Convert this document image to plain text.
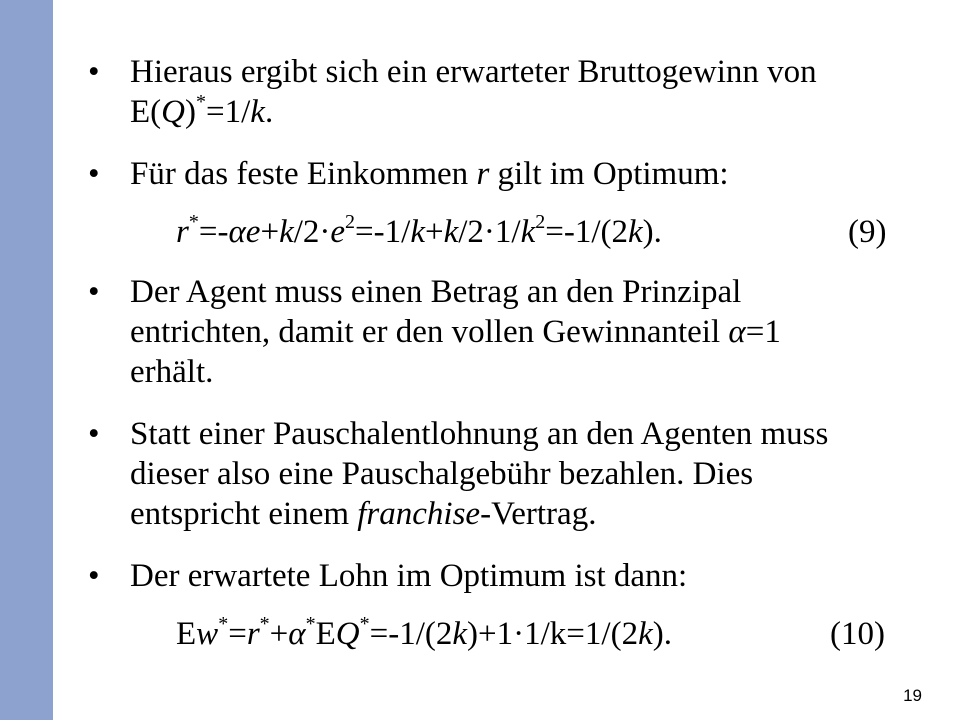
• Hieraus ergibt sich ein erwarteter Bruttogewinn von
E(Q)*=1/k.
• Für das feste Einkommen r gilt im Optimum:
$r^*=-\alpha e+k/2\cdot e^2=-1/k+k/2\cdot 1/k^2=-1/(2k)$.	(9)
• Der Agent muss einen Betrag an den Prinzipal
entrichten, damit er den vollen Gewinnanteil α=1
erhält.
• Statt einer Pauschalentlohnung an den Agenten muss
dieser also eine Pauschalgebühr bezahlen. Dies
entspricht einem franchise-Vertrag.
• Der erwartete Lohn im Optimum ist dann:
Ew*=r*+α*EQ*=-1/(2k)+1·1/k=1/(2k).	(10)
19
